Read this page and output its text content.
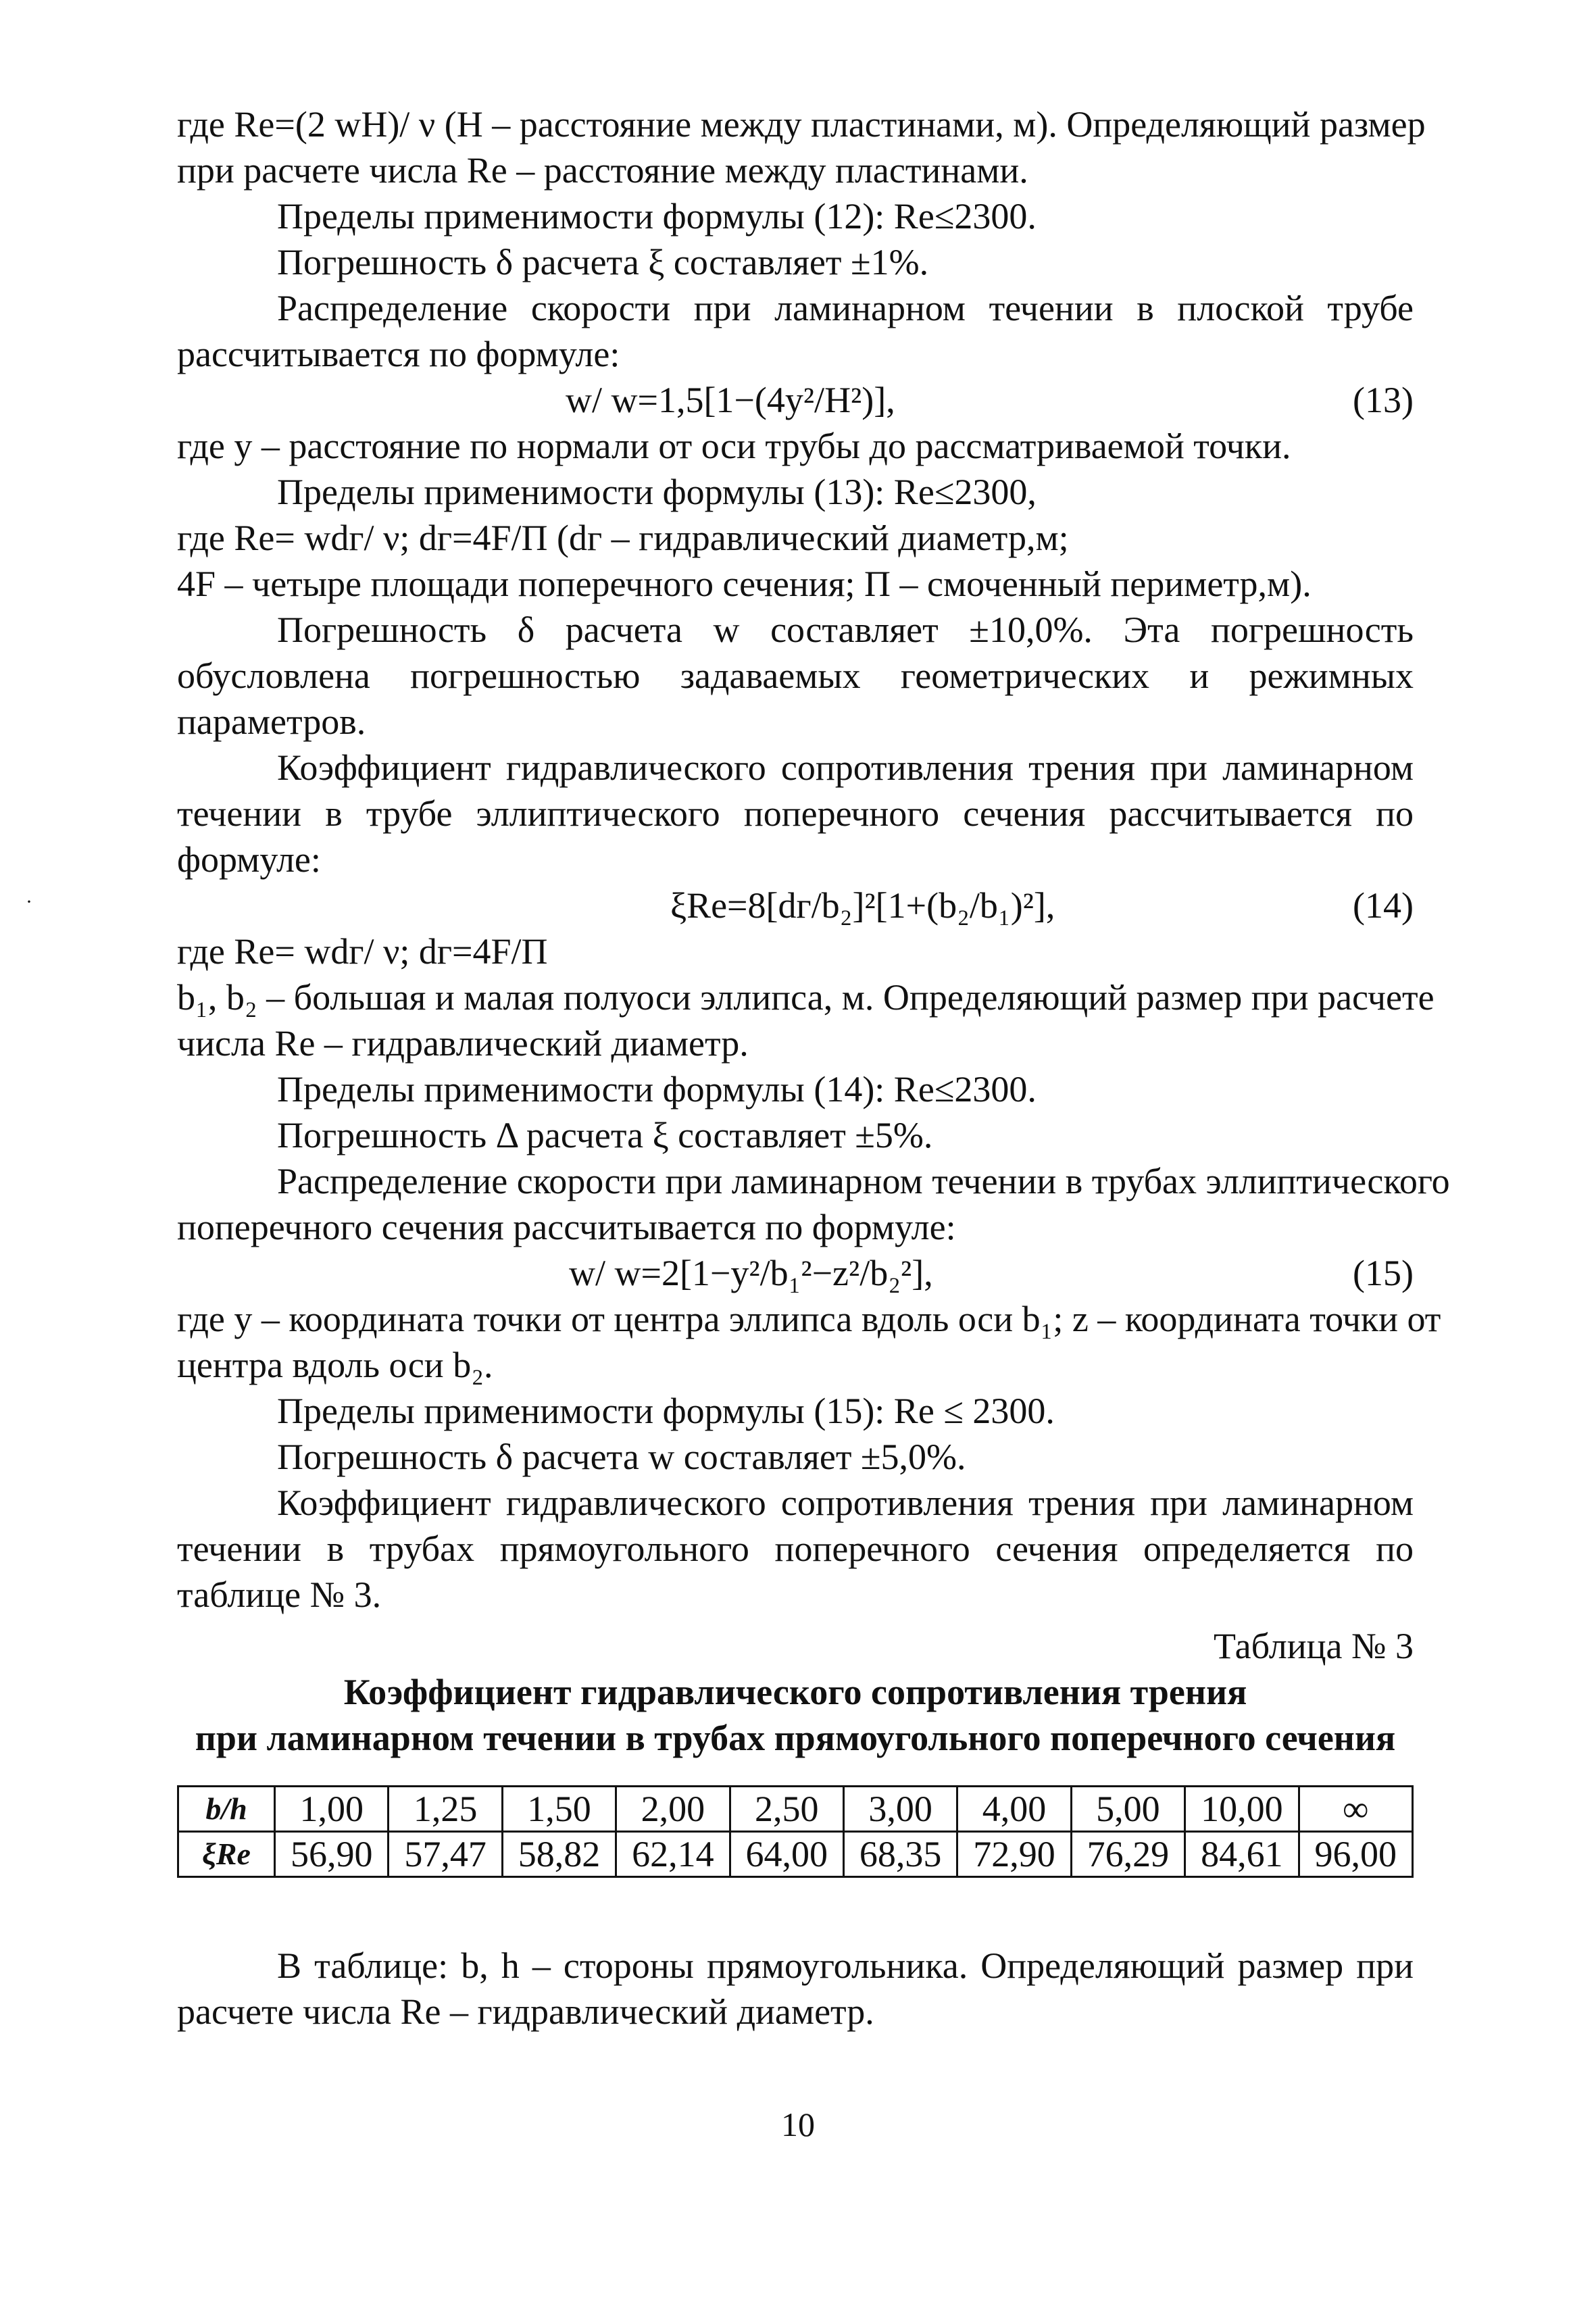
·
где Re=(2 wH)/ ν (H – расстояние между пластинами, м). Определяющий размер
при расчете числа Re – расстояние между пластинами.
Пределы применимости формулы (12): Re≤2300.
Погрешность δ расчета ξ составляет ±1%.
Распределение скорости при ламинарном течении в плоской трубе
рассчитывается по формуле:
w/ w=1,5[1−(4y²/H²)],	(13)
где y – расстояние по нормали от оси трубы до рассматриваемой точки.
Пределы применимости формулы (13): Re≤2300,
где Re= wdг/ ν; dг=4F/П (dг – гидравлический диаметр,м;
4F – четыре площади поперечного сечения; П – смоченный периметр,м).
Погрешность δ расчета w составляет ±10,0%. Эта погрешность
обусловлена погрешностью задаваемых геометрических и режимных
параметров.
Коэффициент гидравлического сопротивления трения при ламинарном
течении в трубе эллиптического поперечного сечения рассчитывается по
формуле:
ξRe=8[dг/b₂]²[1+(b₂/b₁)²],	(14)
где Re= wdг/ ν; dг=4F/П
b₁, b₂ – большая и малая полуоси эллипса, м. Определяющий размер при расчете
числа Re – гидравлический диаметр.
Пределы применимости формулы (14): Re≤2300.
Погрешность Δ расчета ξ составляет ±5%.
Распределение скорости при ламинарном течении в трубах эллиптического
поперечного сечения рассчитывается по формуле:
w/ w=2[1−y²/b₁²−z²/b₂²],	(15)
где y – координата точки от центра эллипса вдоль оси b₁; z – координата точки от
центра вдоль оси b₂.
Пределы применимости формулы (15): Re ≤ 2300.
Погрешность δ расчета w составляет ±5,0%.
Коэффициент гидравлического сопротивления трения при ламинарном
течении в трубах прямоугольного поперечного сечения определяется по
таблице № 3.
Таблица № 3
Коэффициент гидравлического сопротивления трения
при ламинарном течении в трубах прямоугольного поперечного сечения
b/h	1,00	1,25	1,50	2,00	2,50	3,00	4,00	5,00	10,00	∞
ξRe	56,90	57,47	58,82	62,14	64,00	68,35	72,90	76,29	84,61	96,00
В таблице: b, h – стороны прямоугольника. Определяющий размер при
расчете числа Re – гидравлический диаметр.
10
